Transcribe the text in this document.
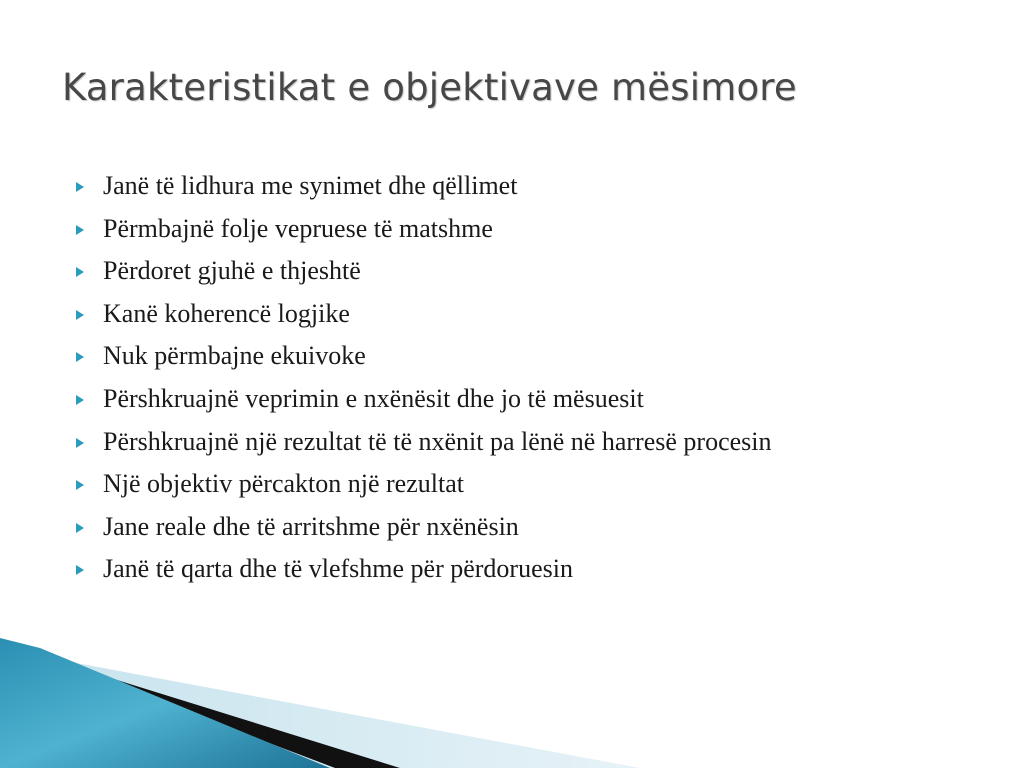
Karakteristikat e objektivave mësimore
Janë të lidhura me synimet dhe qëllimet
Përmbajnë folje vepruese të matshme
Përdoret gjuhë e thjeshtë
Kanë koherencë logjike
Nuk përmbajne ekuivoke
Përshkruajnë veprimin e nxënësit dhe jo të mësuesit
Përshkruajnë një rezultat të të nxënit pa lënë në harresë procesin
Një objektiv përcakton një rezultat
Jane reale dhe të arritshme për nxënësin
Janë të qarta dhe të vlefshme për përdoruesin
